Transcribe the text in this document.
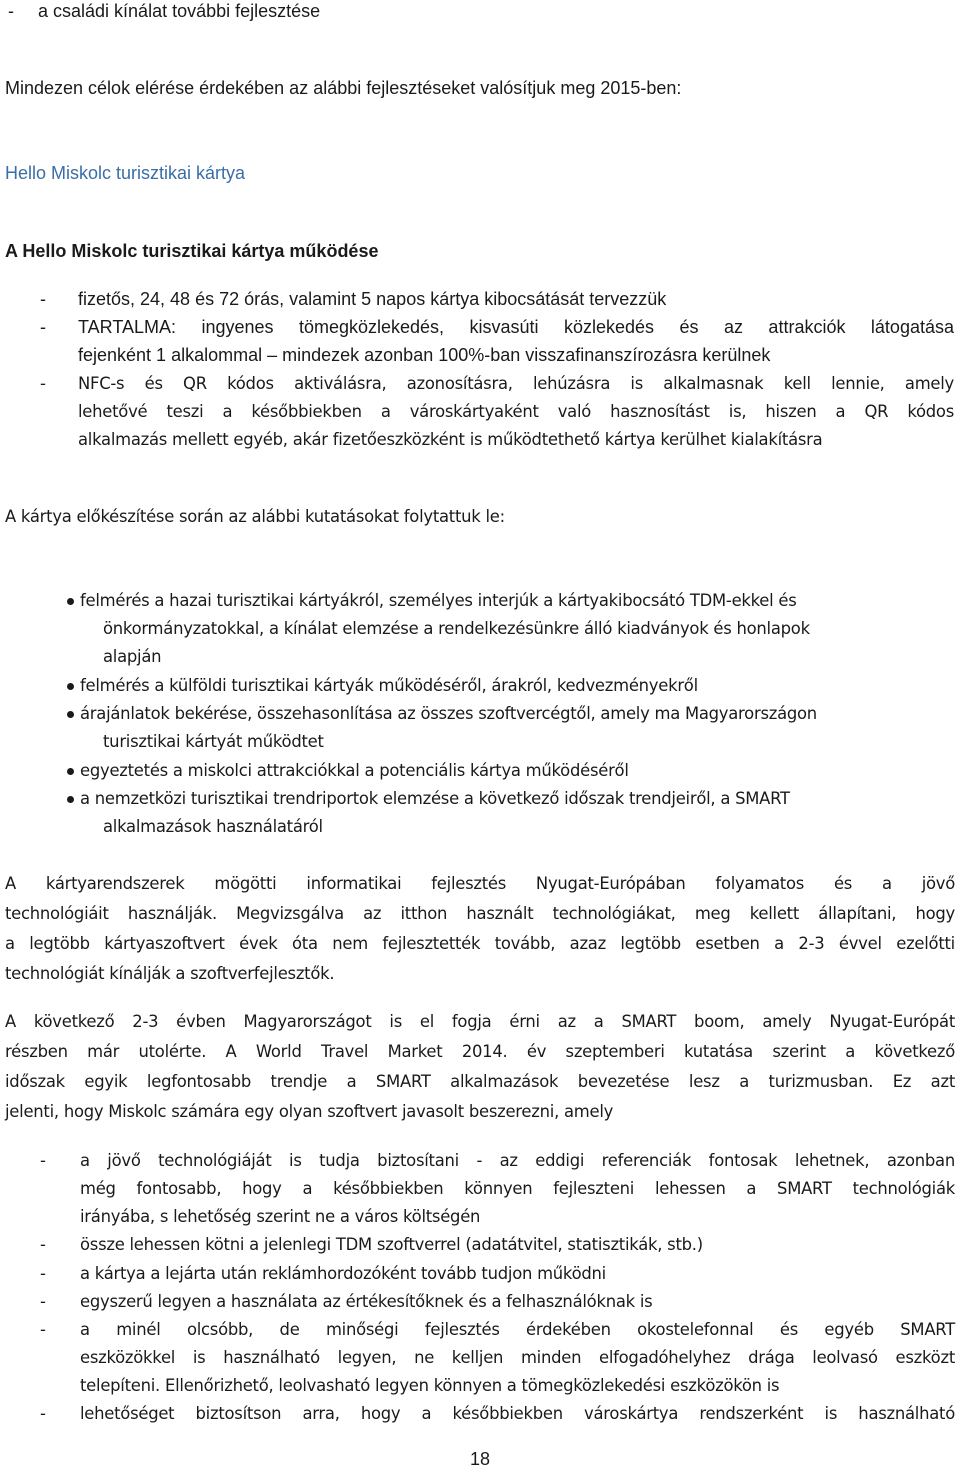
- a családi kínálat további fejlesztése
Mindezen célok elérése érdekében az alábbi fejlesztéseket valósítjuk meg 2015-ben:
Hello Miskolc turisztikai kártya
A Hello Miskolc turisztikai kártya működése
- fizetős, 24, 48 és 72 órás, valamint 5 napos kártya kibocsátását tervezzük
- TARTALMA: ingyenes tömegközlekedés, kisvasúti közlekedés és az attrakciók látogatása
fejenként 1 alkalommal – mindezek azonban 100%-ban visszafinanszírozásra kerülnek
- NFC-s és QR kódos aktiválásra, azonosításra, lehúzásra is alkalmasnak kell lennie, amely
lehetővé teszi a későbbiekben a városkártyaként való hasznosítást is, hiszen a QR kódos
alkalmazás mellett egyéb, akár fizetőeszközként is működtethető kártya kerülhet kialakításra
A kártya előkészítése során az alábbi kutatásokat folytattuk le:
felmérés a hazai turisztikai kártyákról, személyes interjúk a kártyakibocsátó TDM-ekkel és
önkormányzatokkal, a kínálat elemzése a rendelkezésünkre álló kiadványok és honlapok
alapján
felmérés a külföldi turisztikai kártyák működéséről, árakról, kedvezményekről
árajánlatok bekérése, összehasonlítása az összes szoftvercégtől, amely ma Magyarországon
turisztikai kártyát működtet
egyeztetés a miskolci attrakciókkal a potenciális kártya működéséről
a nemzetközi turisztikai trendriportok elemzése a következő időszak trendjeiről, a SMART
alkalmazások használatáról
A kártyarendszerek mögötti informatikai fejlesztés Nyugat-Európában folyamatos és a jövő
technológiáit használják. Megvizsgálva az itthon használt technológiákat, meg kellett állapítani, hogy
a legtöbb kártyaszoftvert évek óta nem fejlesztették tovább, azaz legtöbb esetben a 2-3 évvel ezelőtti
technológiát kínálják a szoftverfejlesztők.
A következő 2-3 évben Magyarországot is el fogja érni az a SMART boom, amely Nyugat-Európát
részben már utolérte. A World Travel Market 2014. év szeptemberi kutatása szerint a következő
időszak egyik legfontosabb trendje a SMART alkalmazások bevezetése lesz a turizmusban. Ez azt
jelenti, hogy Miskolc számára egy olyan szoftvert javasolt beszerezni, amely
- a jövő technológiáját is tudja biztosítani - az eddigi referenciák fontosak lehetnek, azonban
még fontosabb, hogy a későbbiekben könnyen fejleszteni lehessen a SMART technológiák
irányába, s lehetőség szerint ne a város költségén
- össze lehessen kötni a jelenlegi TDM szoftverrel (adatátvitel, statisztikák, stb.)
- a kártya a lejárta után reklámhordozóként tovább tudjon működni
- egyszerű legyen a használata az értékesítőknek és a felhasználóknak is
- a minél olcsóbb, de minőségi fejlesztés érdekében okostelefonnal és egyéb SMART
eszközökkel is használható legyen, ne kelljen minden elfogadóhelyhez drága leolvasó eszközt
telepíteni. Ellenőrizhető, leolvasható legyen könnyen a tömegközlekedési eszközökön is
- lehetőséget biztosítson arra, hogy a későbbiekben városkártya rendszerként is használható
18
